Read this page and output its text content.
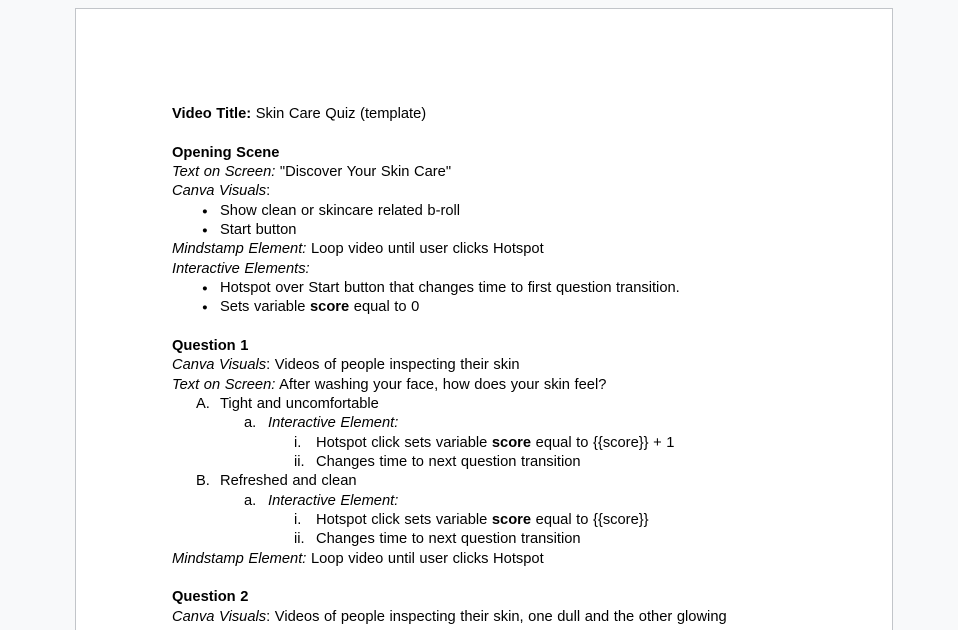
Video Title: Skin Care Quiz (template)
Opening Scene
Text on Screen: "Discover Your Skin Care"
Canva Visuals:
● Show clean or skincare related b-roll
● Start button
Mindstamp Element: Loop video until user clicks Hotspot
Interactive Elements:
● Hotspot over Start button that changes time to first question transition.
● Sets variable score equal to 0
Question 1
Canva Visuals: Videos of people inspecting their skin
Text on Screen: After washing your face, how does your skin feel?
A. Tight and uncomfortable
a. Interactive Element:
i. Hotspot click sets variable score equal to {{score}} + 1
ii. Changes time to next question transition
B. Refreshed and clean
a. Interactive Element:
i. Hotspot click sets variable score equal to {{score}}
ii. Changes time to next question transition
Mindstamp Element: Loop video until user clicks Hotspot
Question 2
Canva Visuals: Videos of people inspecting their skin, one dull and the other glowing
